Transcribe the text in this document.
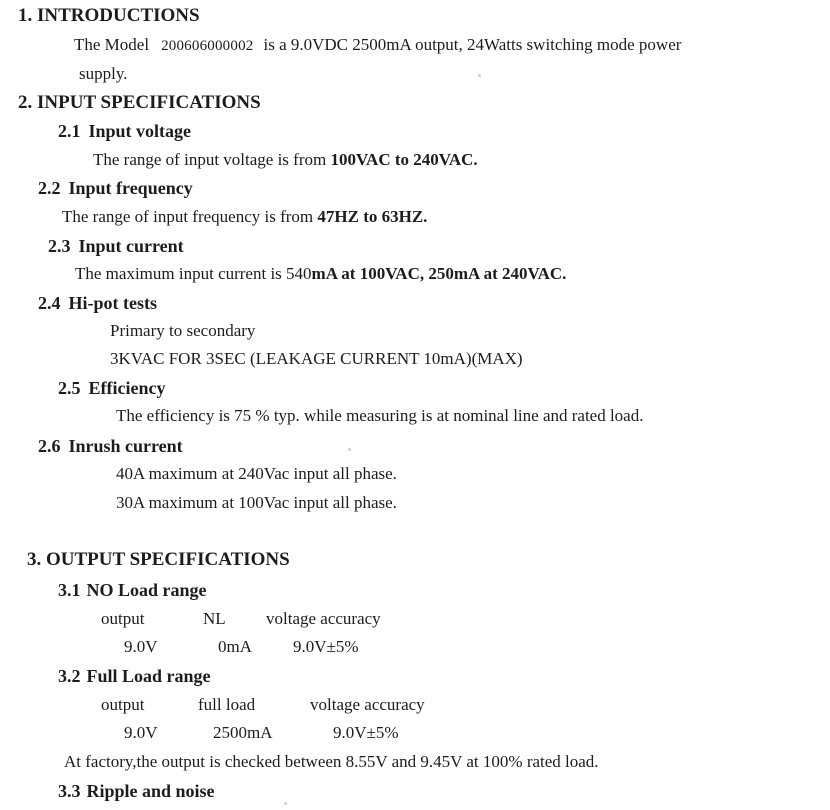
1. INTRODUCTIONS
The Model 200606000002 is a 9.0VDC 2500mA output, 24Watts switching mode power
supply.
2. INPUT SPECIFICATIONS
2.1 Input voltage
The range of input voltage is from 100VAC to 240VAC.
2.2 Input frequency
The range of input frequency is from 47HZ to 63HZ.
2.3 Input current
The maximum input current is 540mA at 100VAC, 250mA at 240VAC.
2.4 Hi-pot tests
Primary to secondary
3KVAC FOR 3SEC (LEAKAGE CURRENT 10mA)(MAX)
2.5 Efficiency
The efficiency is 75 % typ. while measuring is at nominal line and rated load.
2.6 Inrush current
40A maximum at 240Vac input all phase.
30A maximum at 100Vac input all phase.
3. OUTPUT SPECIFICATIONS
3.1 NO Load range
output	NL voltage accuracy
9.0V	0mA 9.0V±5%
3.2 Full Load range
output	full load	voltage accuracy
9.0V	2500mA	9.0V±5%
At factory,the output is checked between 8.55V and 9.45V at 100% rated load.
3.3 Ripple and noise
